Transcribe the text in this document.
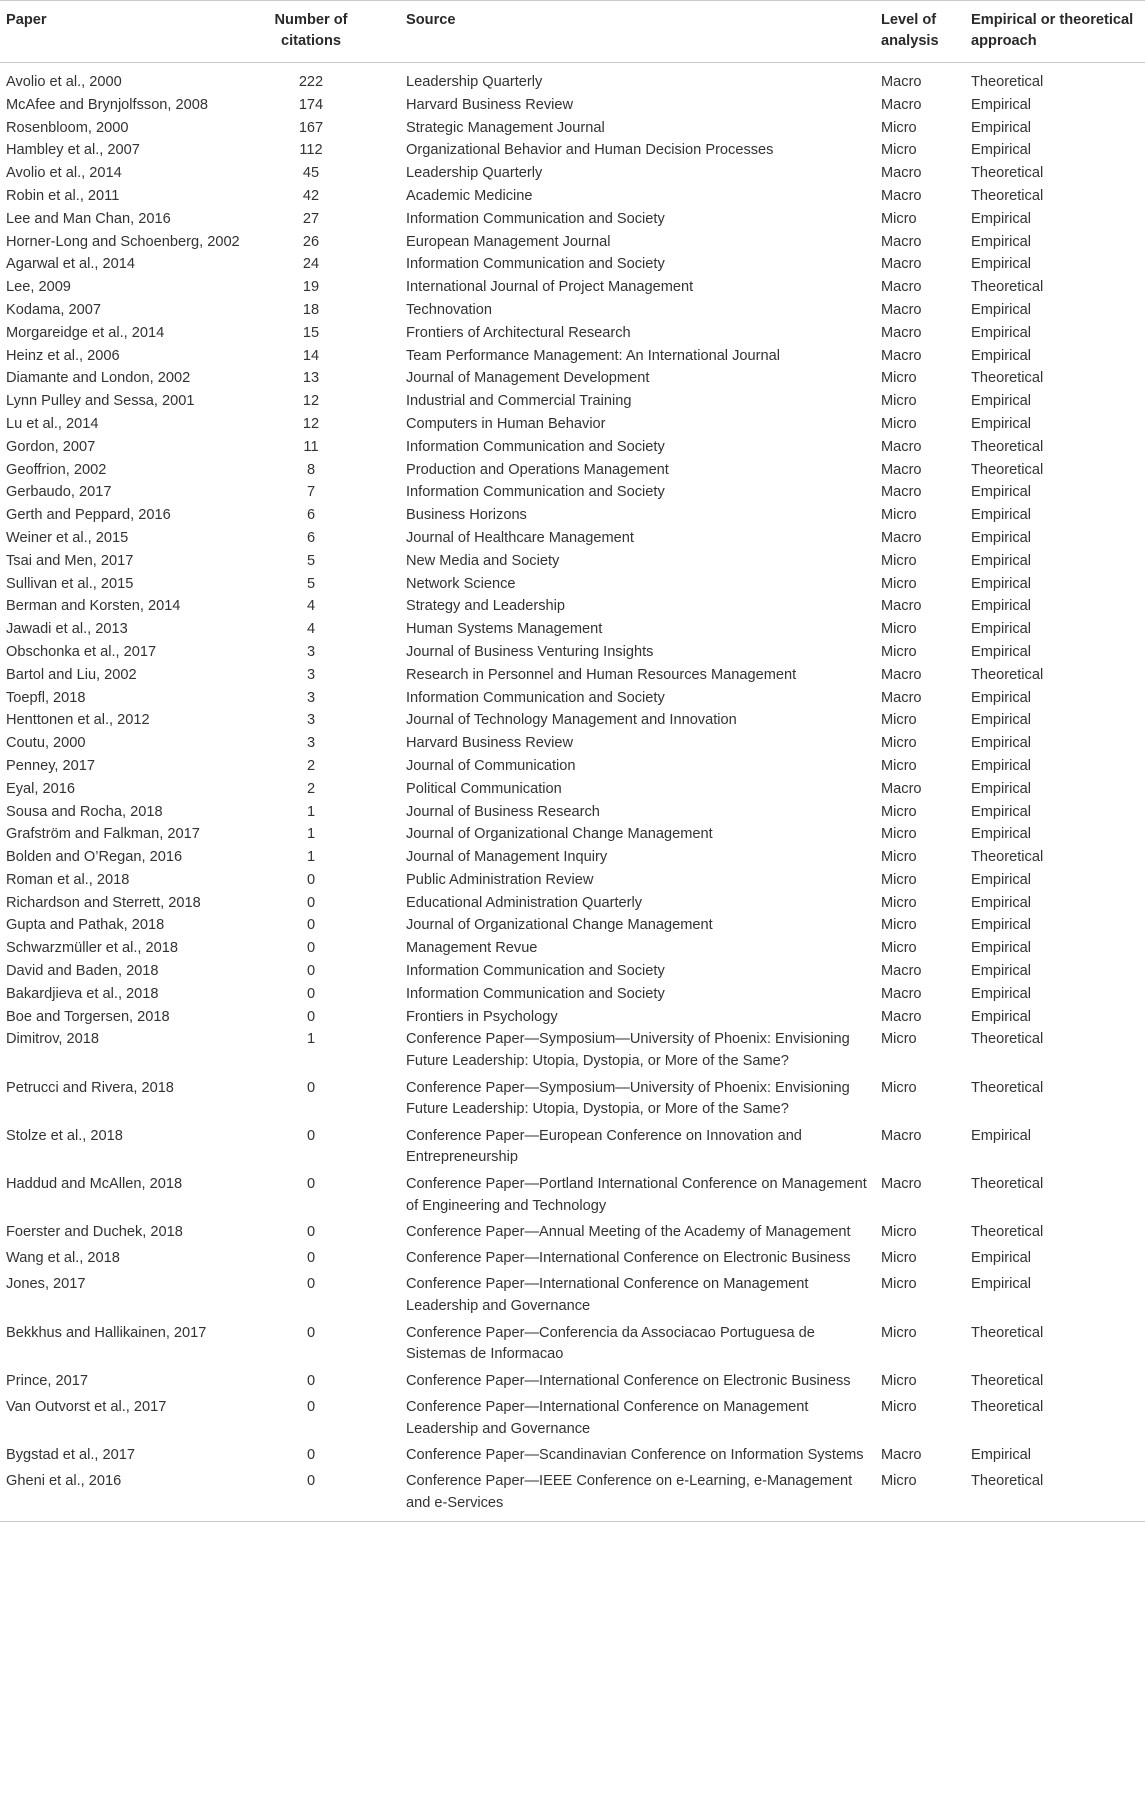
Paper	Number of citations	Source	Level of analysis	Empirical or theoretical approach
Avolio et al., 2000	222	Leadership Quarterly	Macro	Theoretical
McAfee and Brynjolfsson, 2008	174	Harvard Business Review	Macro	Empirical
Rosenbloom, 2000	167	Strategic Management Journal	Micro	Empirical
Hambley et al., 2007	112	Organizational Behavior and Human Decision Processes	Micro	Empirical
Avolio et al., 2014	45	Leadership Quarterly	Macro	Theoretical
Robin et al., 2011	42	Academic Medicine	Macro	Theoretical
Lee and Man Chan, 2016	27	Information Communication and Society	Micro	Empirical
Horner-Long and Schoenberg, 2002	26	European Management Journal	Macro	Empirical
Agarwal et al., 2014	24	Information Communication and Society	Macro	Empirical
Lee, 2009	19	International Journal of Project Management	Macro	Theoretical
Kodama, 2007	18	Technovation	Macro	Empirical
Morgareidge et al., 2014	15	Frontiers of Architectural Research	Macro	Empirical
Heinz et al., 2006	14	Team Performance Management: An International Journal	Macro	Empirical
Diamante and London, 2002	13	Journal of Management Development	Micro	Theoretical
Lynn Pulley and Sessa, 2001	12	Industrial and Commercial Training	Micro	Empirical
Lu et al., 2014	12	Computers in Human Behavior	Micro	Empirical
Gordon, 2007	11	Information Communication and Society	Macro	Theoretical
Geoffrion, 2002	8	Production and Operations Management	Macro	Theoretical
Gerbaudo, 2017	7	Information Communication and Society	Macro	Empirical
Gerth and Peppard, 2016	6	Business Horizons	Micro	Empirical
Weiner et al., 2015	6	Journal of Healthcare Management	Macro	Empirical
Tsai and Men, 2017	5	New Media and Society	Micro	Empirical
Sullivan et al., 2015	5	Network Science	Micro	Empirical
Berman and Korsten, 2014	4	Strategy and Leadership	Macro	Empirical
Jawadi et al., 2013	4	Human Systems Management	Micro	Empirical
Obschonka et al., 2017	3	Journal of Business Venturing Insights	Micro	Empirical
Bartol and Liu, 2002	3	Research in Personnel and Human Resources Management	Macro	Theoretical
Toepfl, 2018	3	Information Communication and Society	Macro	Empirical
Henttonen et al., 2012	3	Journal of Technology Management and Innovation	Micro	Empirical
Coutu, 2000	3	Harvard Business Review	Micro	Empirical
Penney, 2017	2	Journal of Communication	Micro	Empirical
Eyal, 2016	2	Political Communication	Macro	Empirical
Sousa and Rocha, 2018	1	Journal of Business Research	Micro	Empirical
Grafström and Falkman, 2017	1	Journal of Organizational Change Management	Micro	Empirical
Bolden and O’Regan, 2016	1	Journal of Management Inquiry	Micro	Theoretical
Roman et al., 2018	0	Public Administration Review	Micro	Empirical
Richardson and Sterrett, 2018	0	Educational Administration Quarterly	Micro	Empirical
Gupta and Pathak, 2018	0	Journal of Organizational Change Management	Micro	Empirical
Schwarzmüller et al., 2018	0	Management Revue	Micro	Empirical
David and Baden, 2018	0	Information Communication and Society	Macro	Empirical
Bakardjieva et al., 2018	0	Information Communication and Society	Macro	Empirical
Boe and Torgersen, 2018	0	Frontiers in Psychology	Macro	Empirical
Dimitrov, 2018	1	Conference Paper—Symposium—University of Phoenix: Envisioning Future Leadership: Utopia, Dystopia, or More of the Same?	Micro	Theoretical
Petrucci and Rivera, 2018	0	Conference Paper—Symposium—University of Phoenix: Envisioning Future Leadership: Utopia, Dystopia, or More of the Same?	Micro	Theoretical
Stolze et al., 2018	0	Conference Paper—European Conference on Innovation and Entrepreneurship	Macro	Empirical
Haddud and McAllen, 2018	0	Conference Paper—Portland International Conference on Management of Engineering and Technology	Macro	Theoretical
Foerster and Duchek, 2018	0	Conference Paper—Annual Meeting of the Academy of Management	Micro	Theoretical
Wang et al., 2018	0	Conference Paper—International Conference on Electronic Business	Micro	Empirical
Jones, 2017	0	Conference Paper—International Conference on Management Leadership and Governance	Micro	Empirical
Bekkhus and Hallikainen, 2017	0	Conference Paper—Conferencia da Associacao Portuguesa de Sistemas de Informacao	Micro	Theoretical
Prince, 2017	0	Conference Paper—International Conference on Electronic Business	Micro	Theoretical
Van Outvorst et al., 2017	0	Conference Paper—International Conference on Management Leadership and Governance	Micro	Theoretical
Bygstad et al., 2017	0	Conference Paper—Scandinavian Conference on Information Systems	Macro	Empirical
Gheni et al., 2016	0	Conference Paper—IEEE Conference on e-Learning, e-Management and e-Services	Micro	Theoretical
